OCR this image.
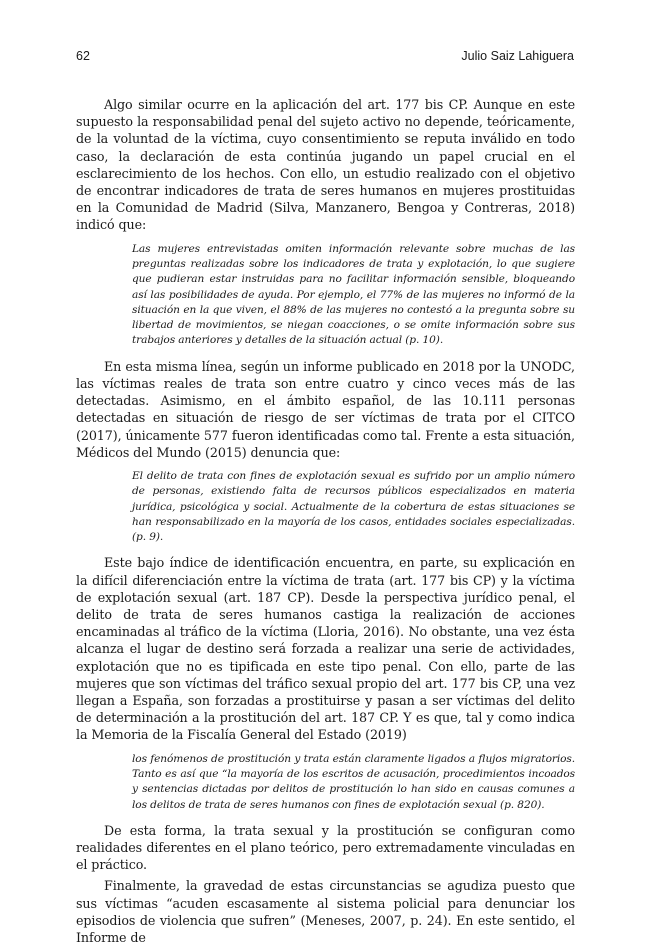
62	Julio Saiz Lahiguera

Algo similar ocurre en la aplicación del art. 177 bis CP. Aunque en este supuesto la responsabilidad penal del sujeto activo no depende, teóricamente, de la voluntad de la víctima, cuyo consentimiento se reputa inválido en todo caso, la declaración de esta continúa jugando un papel crucial en el esclarecimiento de los hechos. Con ello, un estudio realizado con el objetivo de encontrar indicadores de trata de seres humanos en mujeres prostituidas en la Comunidad de Madrid (Silva, Manzanero, Bengoa y Contreras, 2018) indicó que:

Las mujeres entrevistadas omiten información relevante sobre muchas de las preguntas realizadas sobre los indicadores de trata y explotación, lo que sugiere que pudieran estar instruidas para no facilitar información sensible, bloqueando así las posibilidades de ayuda. Por ejemplo, el 77% de las mujeres no informó de la situación en la que viven, el 88% de las mujeres no contestó a la pregunta sobre su libertad de movimientos, se niegan coacciones, o se omite información sobre sus trabajos anteriores y detalles de la situación actual (p. 10).

En esta misma línea, según un informe publicado en 2018 por la UNODC, las víctimas reales de trata son entre cuatro y cinco veces más de las detectadas. Asimismo, en el ámbito español, de las 10.111 personas detectadas en situación de riesgo de ser víctimas de trata por el CITCO (2017), únicamente 577 fueron identificadas como tal. Frente a esta situación, Médicos del Mundo (2015) denuncia que:

El delito de trata con fines de explotación sexual es sufrido por un amplio número de personas, existiendo falta de recursos públicos especializados en materia jurídica, psicológica y social. Actualmente de la cobertura de estas situaciones se han responsabilizado en la mayoría de los casos, entidades sociales especializadas. (p. 9).

Este bajo índice de identificación encuentra, en parte, su explicación en la difícil diferenciación entre la víctima de trata (art. 177 bis CP) y la víctima de explotación sexual (art. 187 CP). Desde la perspectiva jurídico penal, el delito de trata de seres humanos castiga la realización de acciones encaminadas al tráfico de la víctima (Lloria, 2016). No obstante, una vez ésta alcanza el lugar de destino será forzada a realizar una serie de actividades, explotación que no es tipificada en este tipo penal. Con ello, parte de las mujeres que son víctimas del tráfico sexual propio del art. 177 bis CP, una vez llegan a España, son forzadas a prostituirse y pasan a ser víctimas del delito de determinación a la prostitución del art. 187 CP. Y es que, tal y como indica la Memoria de la Fiscalía General del Estado (2019)

los fenómenos de prostitución y trata están claramente ligados a flujos migratorios. Tanto es así que “la mayoría de los escritos de acusación, procedimientos incoados y sentencias dictadas por delitos de prostitución lo han sido en causas comunes a los delitos de trata de seres humanos con fines de explotación sexual (p. 820).

De esta forma, la trata sexual y la prostitución se configuran como realidades diferentes en el plano teórico, pero extremadamente vinculadas en el práctico.

Finalmente, la gravedad de estas circunstancias se agudiza puesto que sus víctimas “acuden escasamente al sistema policial para denunciar los episodios de violencia que sufren” (Meneses, 2007, p. 24). En este sentido, el Informe de
